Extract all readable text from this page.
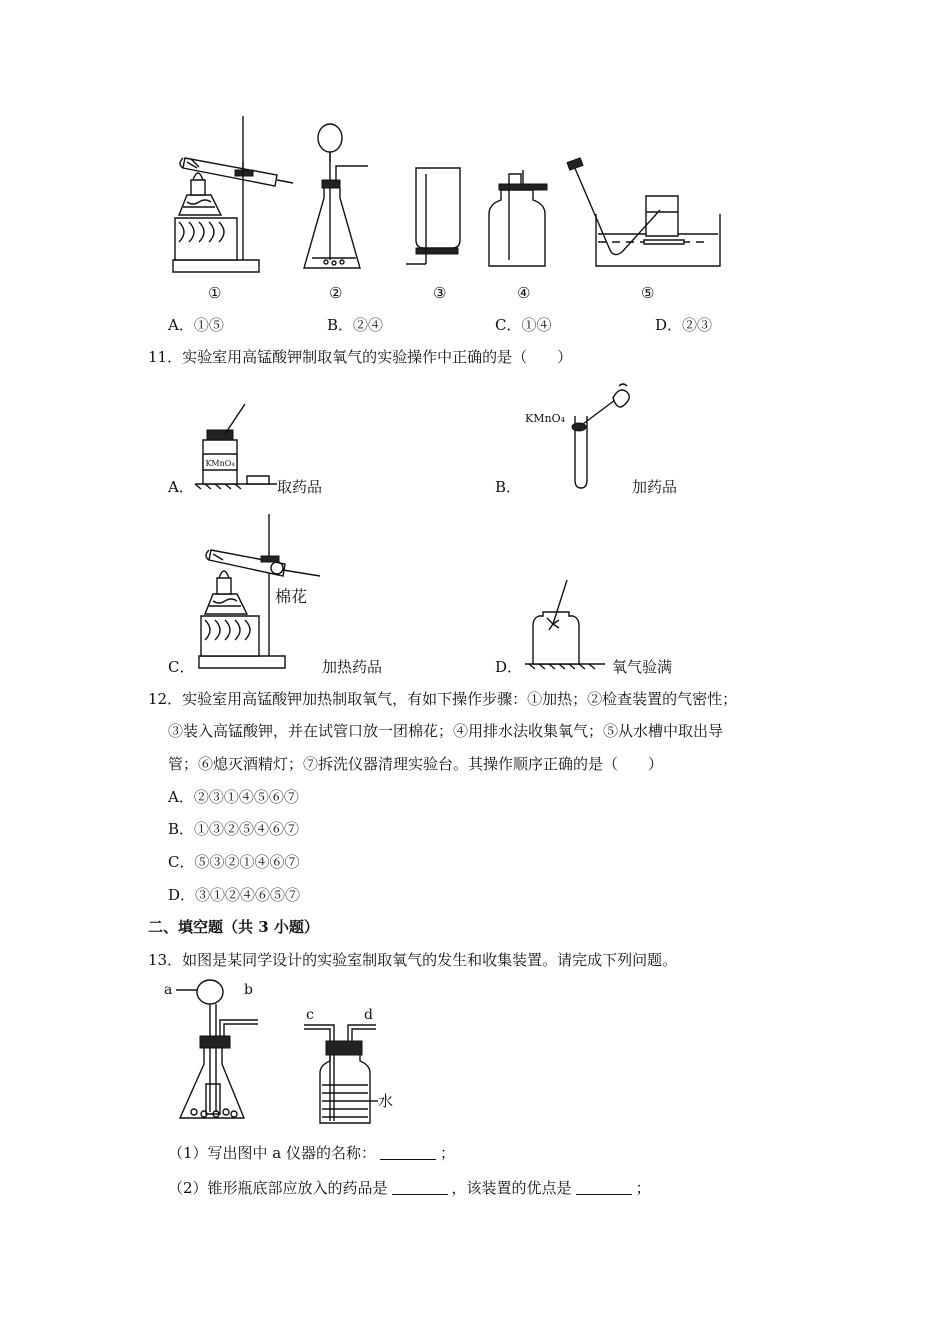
①	②	③	④	⑤
A．①⑤	B．②④	C．①④	D．②③
11．实验室用高锰酸钾制取氧气的实验操作中正确的是（　　）
A．
KMnO₄
取药品	B．
KMnO₄
加药品
C．
棉花
加热药品	D．	氧气验满
12．实验室用高锰酸钾加热制取氧气，有如下操作步骤：①加热；②检查装置的气密性；
③装入高锰酸钾，并在试管口放一团棉花；④用排水法收集氧气；⑤从水槽中取出导
管；⑥熄灭酒精灯；⑦拆洗仪器清理实验台。其操作顺序正确的是（　　）
A．②③①④⑤⑥⑦
B．①③②⑤④⑥⑦
C．⑤③②①④⑥⑦
D．③①②④⑥⑤⑦
二、填空题（共 3 小题）
13．如图是某同学设计的实验室制取氧气的发生和收集装置。请完成下列问题。
a	b
c	d
水
（1）写出图中 a 仪器的名称：	；
（2）锥形瓶底部应放入的药品是	，该装置的优点是	；
